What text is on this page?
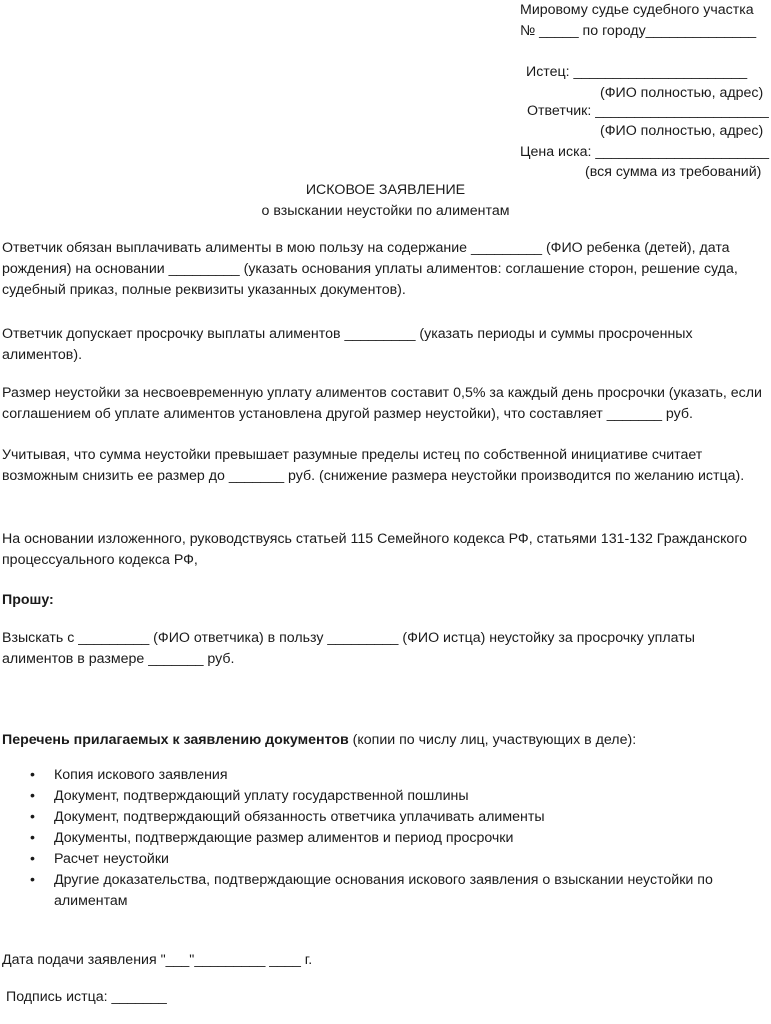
Мировому судье судебного участка
№ _____ по городу______________
Истец: ______________________
(ФИО полностью, адрес)
Ответчик: ______________________
(ФИО полностью, адрес)
Цена иска: ______________________
(вся сумма из требований)
ИСКОВОЕ ЗАЯВЛЕНИЕ
о взыскании неустойки по алиментам
Ответчик обязан выплачивать алименты в мою пользу на содержание _________ (ФИО ребенка (детей), дата рождения) на основании _________ (указать основания уплаты алиментов: соглашение сторон, решение суда, судебный приказ, полные реквизиты указанных документов).
Ответчик допускает просрочку выплаты алиментов _________ (указать периоды и суммы просроченных алиментов).
Размер неустойки за несвоевременную уплату алиментов составит 0,5% за каждый день просрочки (указать, если соглашением об уплате алиментов установлена другой размер неустойки), что составляет _______ руб.
Учитывая, что сумма неустойки превышает разумные пределы истец по собственной инициативе считает возможным снизить ее размер до _______ руб. (снижение размера неустойки производится по желанию истца).
На основании изложенного, руководствуясь статьей 115 Семейного кодекса РФ, статьями 131-132 Гражданского процессуального кодекса РФ,
Прошу:
Взыскать с _________ (ФИО ответчика) в пользу _________ (ФИО истца) неустойку за просрочку уплаты алиментов в размере _______ руб.
Перечень прилагаемых к заявлению документов (копии по числу лиц, участвующих в деле):
• Копия искового заявления
• Документ, подтверждающий уплату государственной пошлины
• Документ, подтверждающий обязанность ответчика уплачивать алименты
• Документы, подтверждающие размер алиментов и период просрочки
• Расчет неустойки
• Другие доказательства, подтверждающие основания искового заявления о взыскании неустойки по алиментам
Дата подачи заявления "___"_________ ____ г.
Подпись истца: _______
